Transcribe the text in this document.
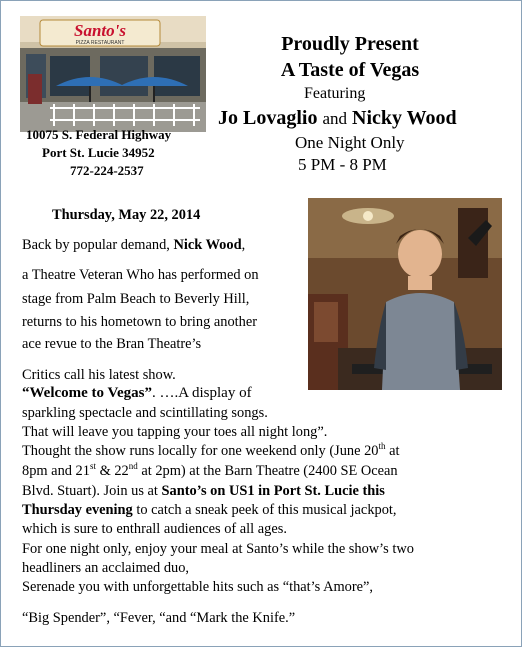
Santo's
PIZZA RESTAURANT
10075 S. Federal Highway
Port St. Lucie 34952
772-224-2537
Proudly Present
A Taste of Vegas
Featuring
Jo Lovaglio and Nicky Wood
One Night Only
5 PM - 8 PM
Thursday, May 22, 2014
Back by popular demand, Nick Wood,
a Theatre Veteran Who has performed on
stage from Palm Beach to Beverly Hill,
returns to his hometown to bring another
ace revue to the Bran Theatre’s
Critics call his latest show.
“Welcome to Vegas”. ….A display of
sparkling spectacle and scintillating songs.
That will leave you tapping your toes all night long”.
Thought the show runs locally for one weekend only (June 20th at
8pm and 21st & 22nd at 2pm) at the Barn Theatre (2400 SE Ocean
Blvd. Stuart). Join us at Santo’s on US1 in Port St. Lucie this
Thursday evening to catch a sneak peek of this musical jackpot,
which is sure to enthrall audiences of all ages.
For one night only, enjoy your meal at Santo’s while the show’s two
headliners an acclaimed duo,
Serenade you with unforgettable hits such as “that’s Amore”,
“Big Spender”, “Fever, “and “Mark the Knife.”
